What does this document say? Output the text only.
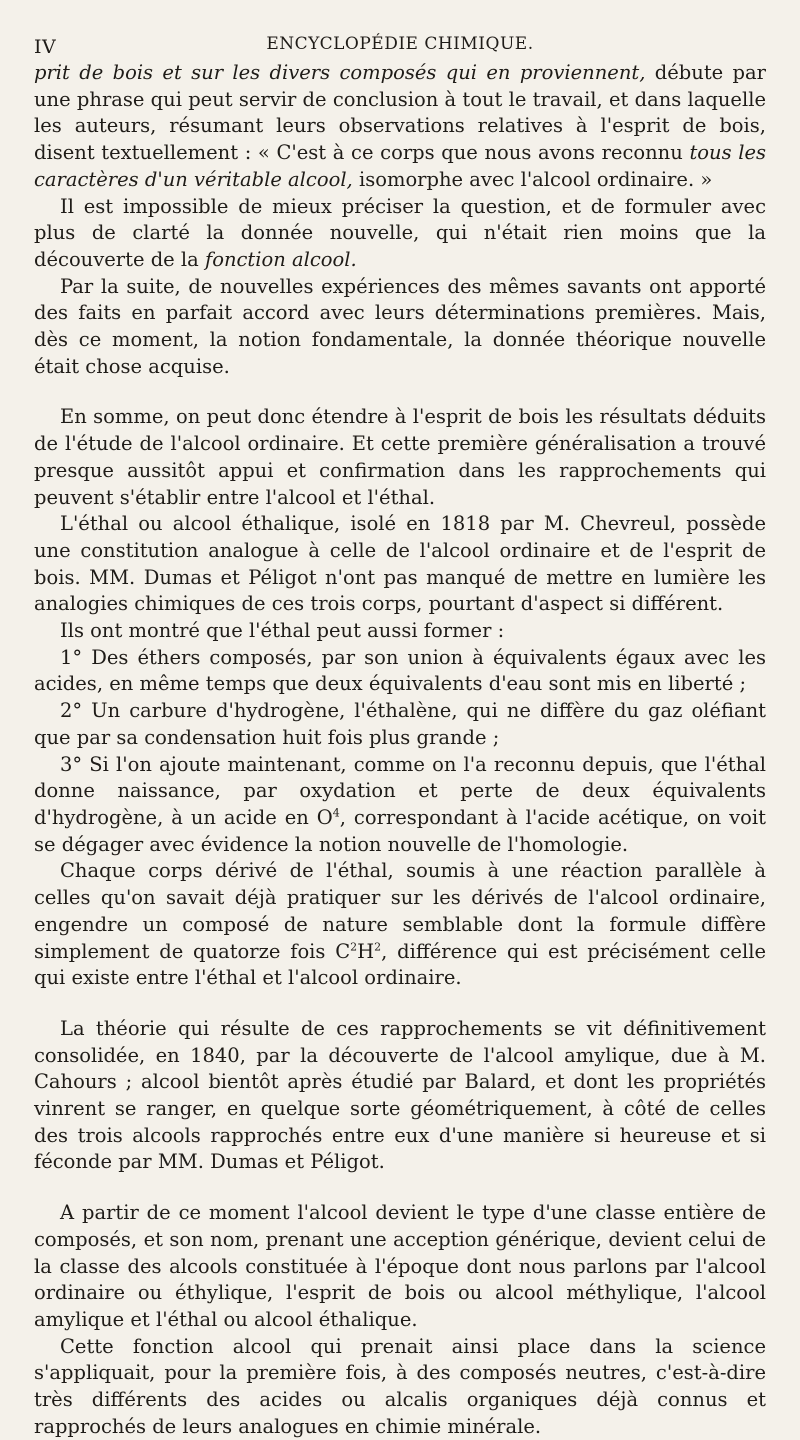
IV	ENCYCLOPÉDIE CHIMIQUE.

prit de bois et sur les divers composés qui en proviennent, débute par une phrase qui peut servir de conclusion à tout le travail, et dans laquelle les auteurs, résumant leurs observations relatives à l'esprit de bois, disent textuellement : « C'est à ce corps que nous avons reconnu tous les caractères d'un véritable alcool, isomorphe avec l'alcool ordinaire. »

Il est impossible de mieux préciser la question, et de formuler avec plus de clarté la donnée nouvelle, qui n'était rien moins que la découverte de la fonction alcool.

Par la suite, de nouvelles expériences des mêmes savants ont apporté des faits en parfait accord avec leurs déterminations premières. Mais, dès ce moment, la notion fondamentale, la donnée théorique nouvelle était chose acquise.

En somme, on peut donc étendre à l'esprit de bois les résultats déduits de l'étude de l'alcool ordinaire. Et cette première généralisation a trouvé presque aussitôt appui et confirmation dans les rapprochements qui peuvent s'établir entre l'alcool et l'éthal.

L'éthal ou alcool éthalique, isolé en 1818 par M. Chevreul, possède une constitution analogue à celle de l'alcool ordinaire et de l'esprit de bois. MM. Dumas et Péligot n'ont pas manqué de mettre en lumière les analogies chimiques de ces trois corps, pourtant d'aspect si différent.

Ils ont montré que l'éthal peut aussi former :

1° Des éthers composés, par son union à équivalents égaux avec les acides, en même temps que deux équivalents d'eau sont mis en liberté ;

2° Un carbure d'hydrogène, l'éthalène, qui ne diffère du gaz oléfiant que par sa condensation huit fois plus grande ;

3° Si l'on ajoute maintenant, comme on l'a reconnu depuis, que l'éthal donne naissance, par oxydation et perte de deux équivalents d'hydrogène, à un acide en $O^4$, correspondant à l'acide acétique, on voit se dégager avec évidence la notion nouvelle de l'homologie.

Chaque corps dérivé de l'éthal, soumis à une réaction parallèle à celles qu'on savait déjà pratiquer sur les dérivés de l'alcool ordinaire, engendre un composé de nature semblable dont la formule diffère simplement de quatorze fois $C^2H^2$, différence qui est précisément celle qui existe entre l'éthal et l'alcool ordinaire.

La théorie qui résulte de ces rapprochements se vit définitivement consolidée, en 1840, par la découverte de l'alcool amylique, due à M. Cahours ; alcool bientôt après étudié par Balard, et dont les propriétés vinrent se ranger, en quelque sorte géométriquement, à côté de celles des trois alcools rapprochés entre eux d'une manière si heureuse et si féconde par MM. Dumas et Péligot.

A partir de ce moment l'alcool devient le type d'une classe entière de composés, et son nom, prenant une acception générique, devient celui de la classe des alcools constituée à l'époque dont nous parlons par l'alcool ordinaire ou éthylique, l'esprit de bois ou alcool méthylique, l'alcool amylique et l'éthal ou alcool éthalique.

Cette fonction alcool qui prenait ainsi place dans la science s'appliquait, pour la première fois, à des composés neutres, c'est-à-dire très différents des acides ou alcalis organiques déjà connus et rapprochés de leurs analogues en chimie minérale.
